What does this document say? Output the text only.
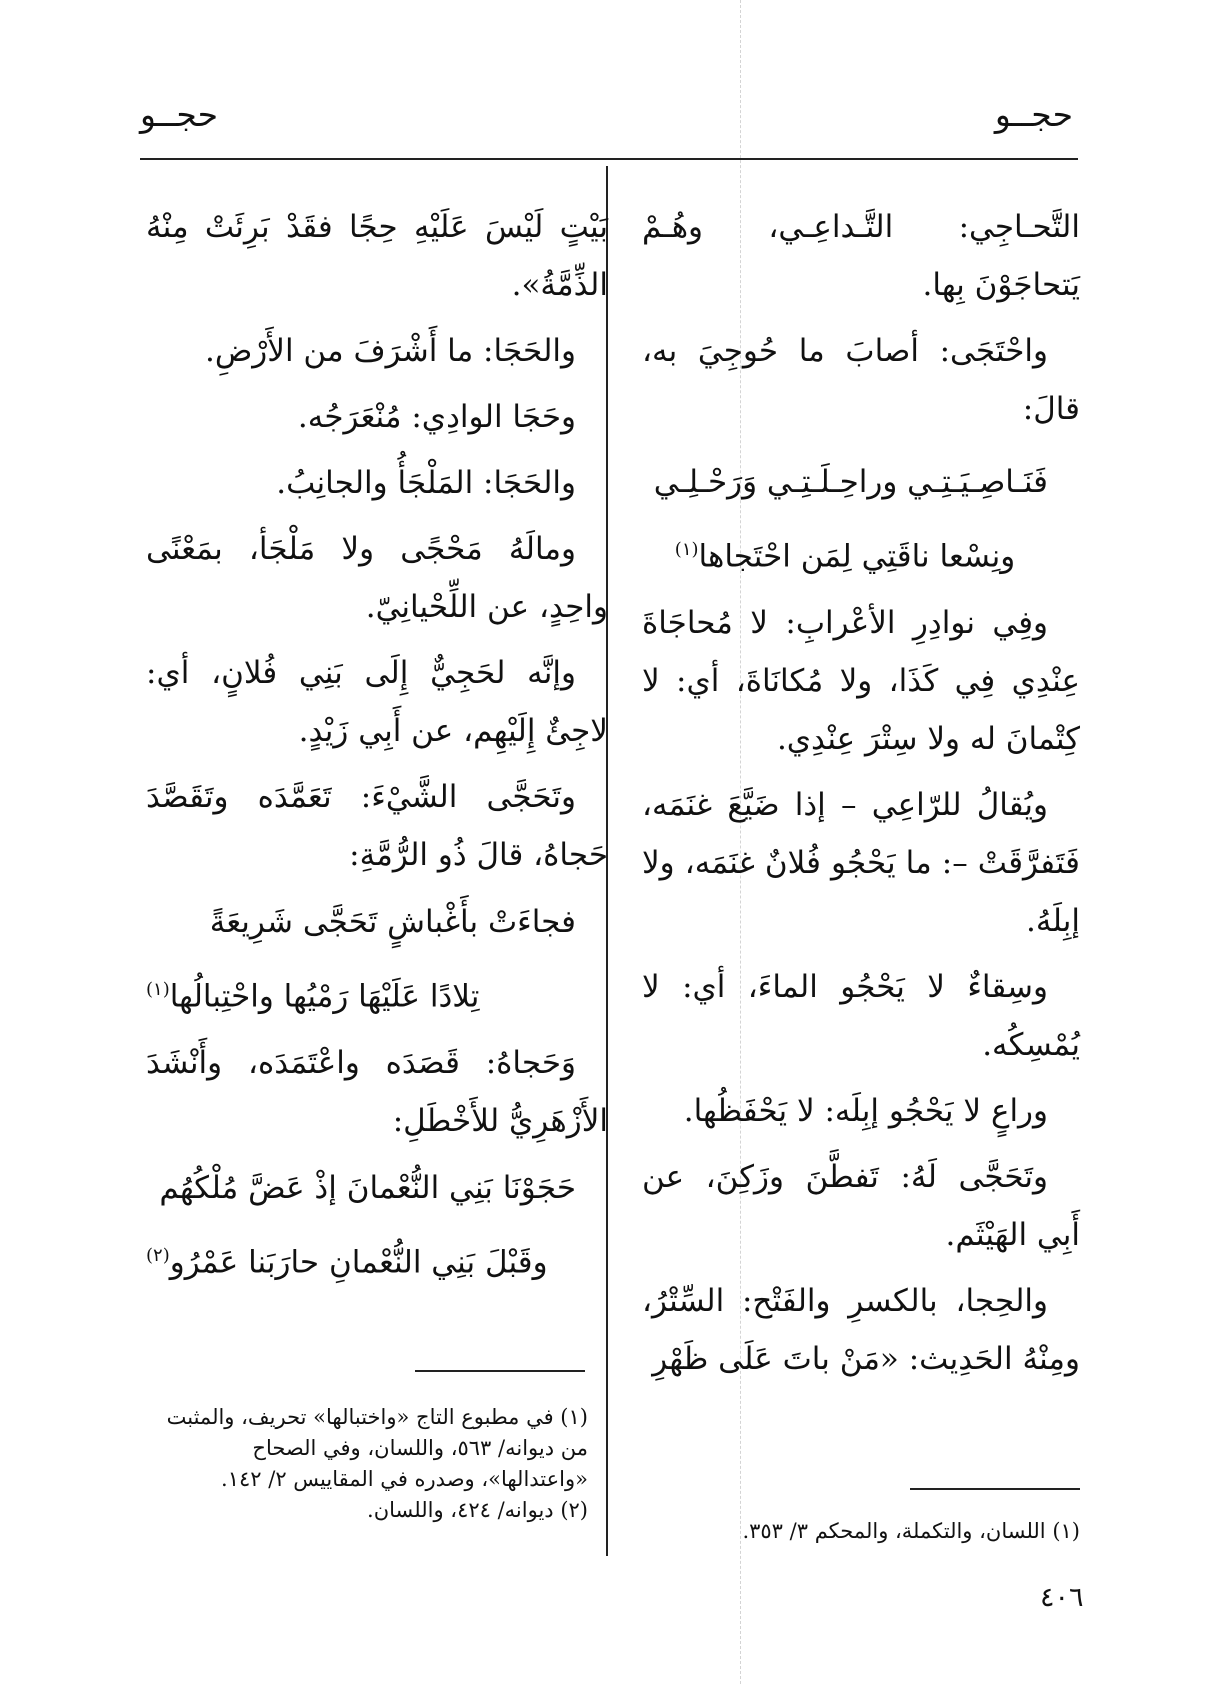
حجــو
حجــو

التَّحـاجِي: التَّـداعِـي، وهُـمْ يَتحاجَوْنَ بِها.

واحْتَجَى: أصابَ ما حُوجِيَ به، قالَ:

فَنَـاصِـيَـتِـي وراحِـلَـتِـي وَرَحْـلِـي

ونِسْعا ناقَتِي لِمَن احْتَجاها$^{(١)}$

وفِي نوادِرِ الأعْرابِ: لا مُحاجَاةَ عِنْدِي فِي كَذَا، ولا مُكانَاةَ، أي: لا كِتْمانَ له ولا سِتْرَ عِنْدِي.

ويُقالُ للرّاعِي – إذا ضَيَّعَ غنَمَه، فَتَفرَّقَتْ –: ما يَحْجُو فُلانٌ غنَمَه، ولا إبِلَهُ.

وسِقاءٌ لا يَحْجُو الماءَ، أي: لا يُمْسِكُه.

وراعٍ لا يَحْجُو إبِلَه: لا يَحْفَظُها.

وتَحَجَّى لَهُ: تَفطَّنَ وزَكِنَ، عن أَبِي الهَيْثَم.

والحِجا، بالكسرِ والفَتْح: السِّتْرُ، ومِنْهُ الحَدِيث: «مَنْ باتَ عَلَى ظَهْرِ

بَيْتٍ لَيْسَ عَلَيْهِ حِجًا فقَدْ بَرِئَتْ مِنْهُ الذِّمَّةُ».

والحَجَا: ما أَشْرَفَ من الأَرْضِ.

وحَجَا الوادِي: مُنْعَرَجُه.

والحَجَا: المَلْجَأُ والجانِبُ.

ومالَهُ مَحْجًى ولا مَلْجَأ، بمَعْنًى واحِدٍ، عن اللِّحْيانِيّ.

وإنَّه لحَجِيٌّ إِلَى بَنِي فُلانٍ، أي: لاجِئٌ إِلَيْهِم، عن أَبِي زَيْدٍ.

وتَحَجَّى الشَّيْءَ: تَعَمَّدَه وتَقَصَّدَ حَجاهُ، قالَ ذُو الرُّمَّةِ:

فجاءَتْ بأَغْباشٍ تَحَجَّى شَرِيعَةً

تِلادًا عَلَيْهَا رَمْيُها واحْتِبالُها$^{(١)}$

وَحَجاهُ: قَصَدَه واعْتَمَدَه، وأَنْشَدَ الأَزْهَرِيُّ للأَخْطَلِ:

حَجَوْنَا بَنِي النُّعْمانَ إذْ عَضَّ مُلْكُهُم

وقَبْلَ بَنِي النُّعْمانِ حارَبَنا عَمْرُو$^{(٢)}$

(١) اللسان، والتكملة، والمحكم ٣/ ٣٥٣.

(١) في مطبوع التاج «واختبالها» تحريف، والمثبت من ديوانه/ ٥٦٣، واللسان، وفي الصحاح «واعتدالها»، وصدره في المقاييس ٢/ ١٤٢.

(٢) ديوانه/ ٤٢٤، واللسان.

٤٠٦
